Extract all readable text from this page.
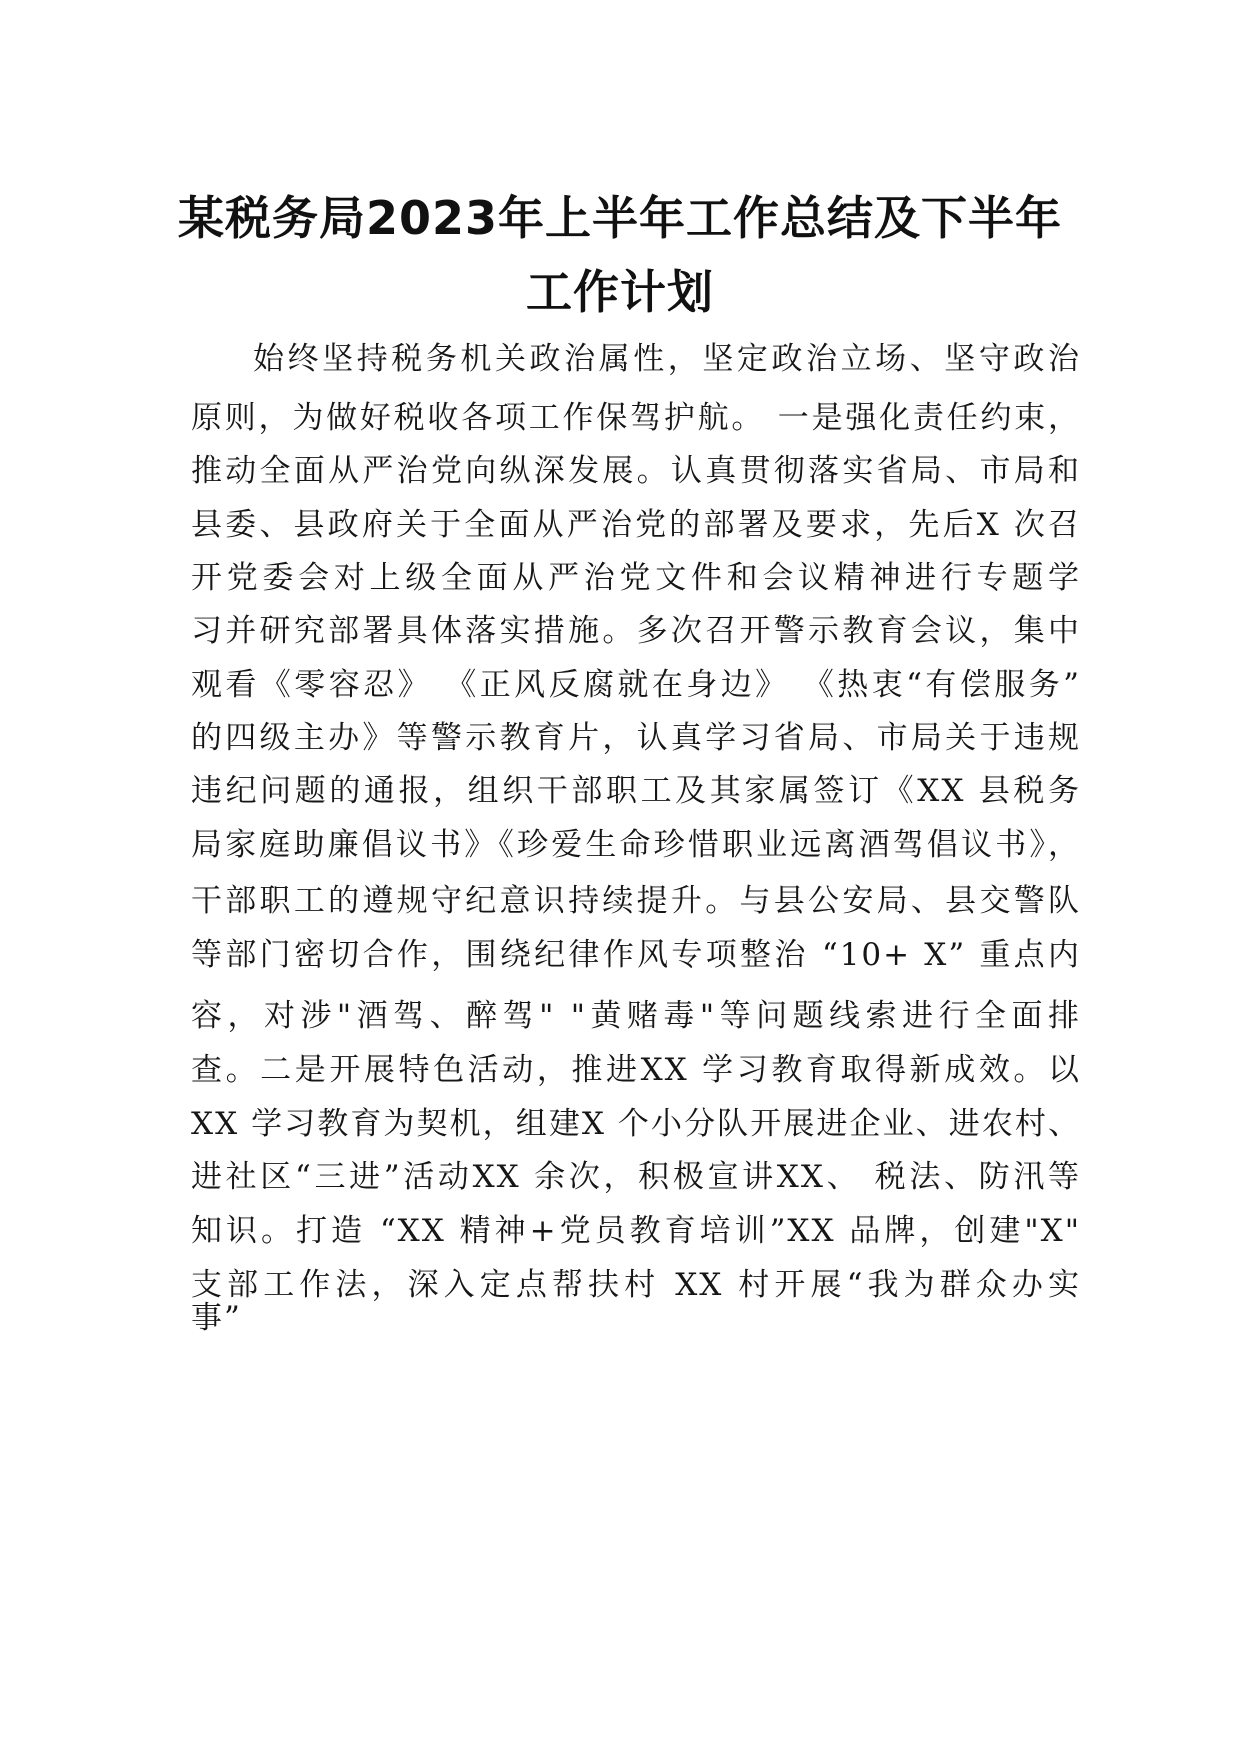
某税务局2023年上半年工作总结及下半年
工作计划
始终坚持税务机关政治属性，坚定政治立场、坚守政治
原则，为做好税收各项工作保驾护航。 一是强化责任约束，
推动全面从严治党向纵深发展。认真贯彻落实省局、市局和
县委、县政府关于全面从严治党的部署及要求，先后X 次召
开党委会对上级全面从严治党文件和会议精神进行专题学
习并研究部署具体落实措施。多次召开警示教育会议，集中
观看《零容忍》 《正风反腐就在身边》 《热衷“有偿服务”
的四级主办》等警示教育片，认真学习省局、市局关于违规
违纪问题的通报，组织干部职工及其家属签订《XX 县税务
局家庭助廉倡议书》《珍爱生命珍惜职业远离酒驾倡议书》，
干部职工的遵规守纪意识持续提升。与县公安局、县交警队
等部门密切合作，围绕纪律作风专项整治 “10+ X” 重点内
容，对涉"酒驾、醉驾" "黄赌毒"等问题线索进行全面排
查。二是开展特色活动，推进XX 学习教育取得新成效。以
XX 学习教育为契机，组建X 个小分队开展进企业、进农村、
进社区“三进”活动XX 余次，积极宣讲XX、 税法、防汛等
知识。打造 “XX 精神+党员教育培训”XX 品牌，创建"X"
支部工作法，深入定点帮扶村 XX 村开展“我为群众办实
事”
